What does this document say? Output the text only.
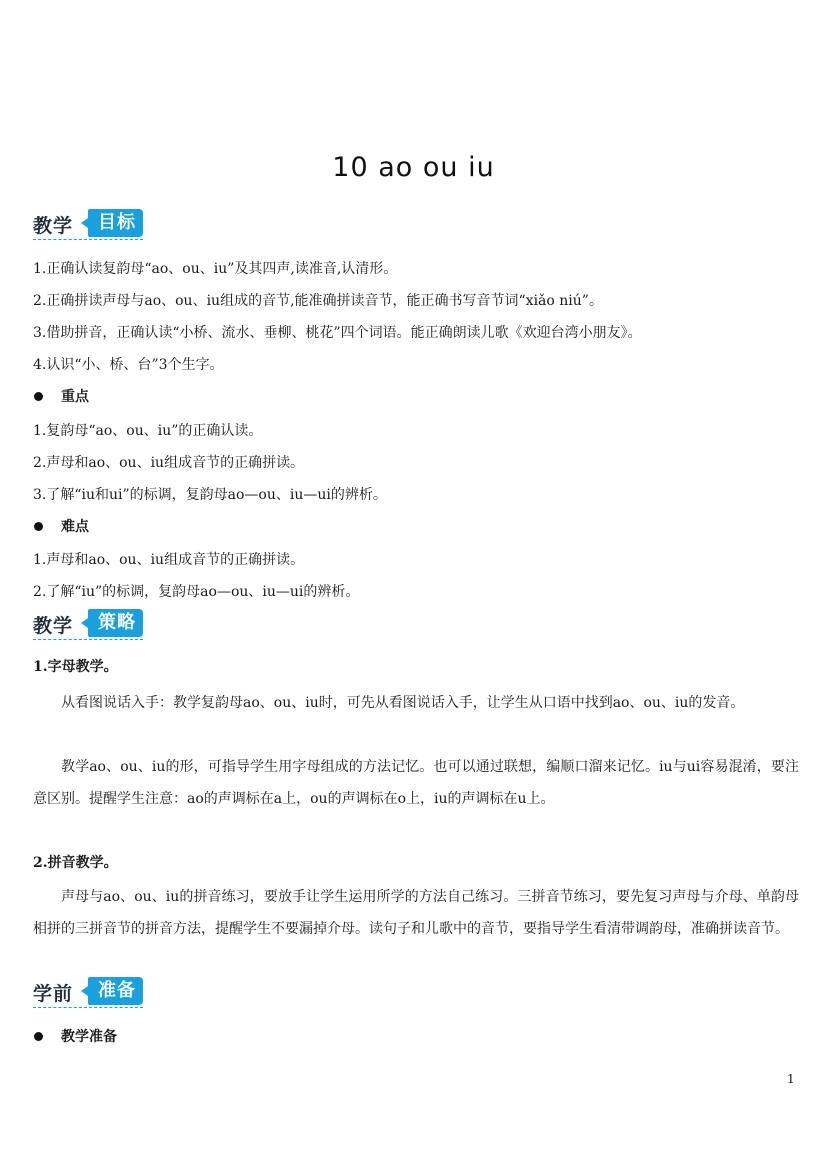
10 ao ou iu
教学	目标
1.正确认读复韵母“ao、ou、iu”及其四声,读准音,认清形。
2.正确拼读声母与ao、ou、iu组成的音节,能准确拼读音节，能正确书写音节词“xiǎo niú”。
3.借助拼音，正确认读“小桥、流水、垂柳、桃花”四个词语。能正确朗读儿歌《欢迎台湾小朋友》。
4.认识“小、桥、台”3个生字。
重点
1.复韵母“ao、ou、iu”的正确认读。
2.声母和ao、ou、iu组成音节的正确拼读。
3.了解“iu和ui”的标调，复韵母ao—ou、iu—ui的辨析。
难点
1.声母和ao、ou、iu组成音节的正确拼读。
2.了解“iu”的标调，复韵母ao—ou、iu—ui的辨析。
教学	策略
1.字母教学。
从看图说话入手：教学复韵母ao、ou、iu时，可先从看图说话入手，让学生从口语中找到ao、ou、iu的发音。
教学ao、ou、iu的形，可指导学生用字母组成的方法记忆。也可以通过联想，编顺口溜来记忆。iu与ui容易混淆，要注意区别。提醒学生注意：ao的声调标在a上，ou的声调标在o上，iu的声调标在u上。
2.拼音教学。
声母与ao、ou、iu的拼音练习，要放手让学生运用所学的方法自己练习。三拼音节练习，要先复习声母与介母、单韵母相拼的三拼音节的拼音方法，提醒学生不要漏掉介母。读句子和儿歌中的音节，要指导学生看清带调韵母，准确拼读音节。
学前	准备
教学准备
1
